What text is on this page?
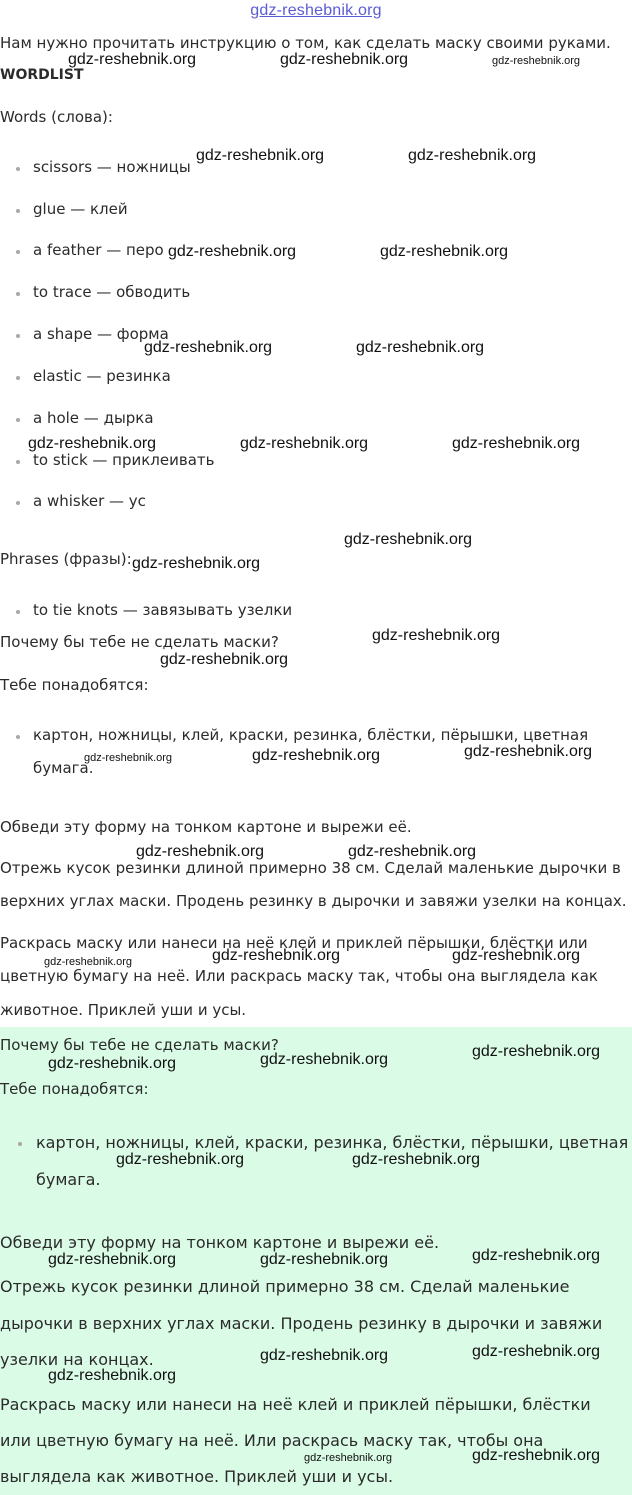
gdz-reshebnik.org
Нам нужно прочитать инструкцию о том, как сделать маску своими руками.
WORDLIST
Words (слова):
scissors — ножницы
glue — клей
a feather — перо
to trace — обводить
a shape — форма
elastic — резинка
a hole — дырка
to stick — приклеивать
a whisker — ус
Phrases (фразы):
to tie knots — завязывать узелки
Почему бы тебе не сделать маски?
Тебе понадобятся:
картон, ножницы, клей, краски, резинка, блёстки, пёрышки, цветная
бумага.
Обведи эту форму на тонком картоне и вырежи её.
Отрежь кусок резинки длиной примерно 38 см. Сделай маленькие дырочки в
верхних углах маски. Продень резинку в дырочки и завяжи узелки на концах.
Раскрась маску или нанеси на неё клей и приклей пёрышки, блёстки или
цветную бумагу на неё. Или раскрась маску так, чтобы она выглядела как
животное. Приклей уши и усы.
Почему бы тебе не сделать маски?
Тебе понадобятся:
картон, ножницы, клей, краски, резинка, блёстки, пёрышки, цветная
бумага.
Обведи эту форму на тонком картоне и вырежи её.
Отрежь кусок резинки длиной примерно 38 см. Сделай маленькие
дырочки в верхних углах маски. Продень резинку в дырочки и завяжи
узелки на концах.
Раскрась маску или нанеси на неё клей и приклей пёрышки, блёстки
или цветную бумагу на неё. Или раскрась маску так, чтобы она
выглядела как животное. Приклей уши и усы.
gdz-reshebnik.org	gdz-reshebnik.org	gdz-reshebnik.org
gdz-reshebnik.org	gdz-reshebnik.org
gdz-reshebnik.org	gdz-reshebnik.org
gdz-reshebnik.org	gdz-reshebnik.org
gdz-reshebnik.org	gdz-reshebnik.org	gdz-reshebnik.org
gdz-reshebnik.org
gdz-reshebnik.org
gdz-reshebnik.org
gdz-reshebnik.org
gdz-reshebnik.org	gdz-reshebnik.org	gdz-reshebnik.org
gdz-reshebnik.org	gdz-reshebnik.org
gdz-reshebnik.org	gdz-reshebnik.org	gdz-reshebnik.org
gdz-reshebnik.org	gdz-reshebnik.org	gdz-reshebnik.org
gdz-reshebnik.org	gdz-reshebnik.org
gdz-reshebnik.org	gdz-reshebnik.org	gdz-reshebnik.org
gdz-reshebnik.org	gdz-reshebnik.org
gdz-reshebnik.org
gdz-reshebnik.org	gdz-reshebnik.org
